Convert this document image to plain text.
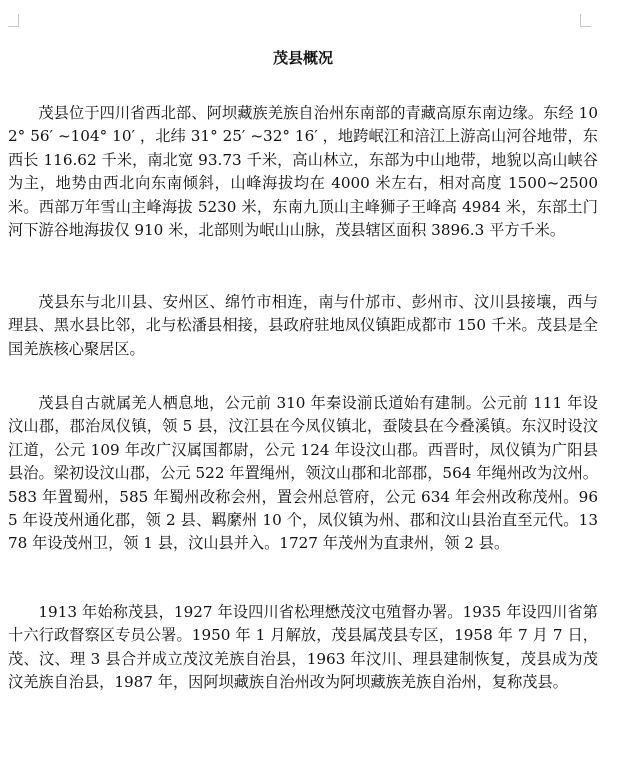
茂县概况

茂县位于四川省西北部、阿坝藏族羌族自治州东南部的青藏高原东南边缘。东经 102° 56′ ~104° 10′ ，北纬 31° 25′ ~32° 16′ ，地跨岷江和涪江上游高山河谷地带，东西长 116.62 千米，南北宽 93.73 千米，高山林立，东部为中山地带，地貌以高山峡谷为主，地势由西北向东南倾斜，山峰海拔均在 4000 米左右，相对高度 1500~2500 米。西部万年雪山主峰海拔 5230 米，东南九顶山主峰狮子王峰高 4984 米，东部土门河下游谷地海拔仅 910 米，北部则为岷山山脉，茂县辖区面积 3896.3 平方千米。

茂县东与北川县、安州区、绵竹市相连，南与什邡市、彭州市、汶川县接壤，西与理县、黑水县比邻，北与松潘县相接，县政府驻地凤仪镇距成都市 150 千米。茂县是全国羌族核心聚居区。

茂县自古就属羌人栖息地，公元前 310 年秦设湔氐道始有建制。公元前 111 年设汶山郡，郡治凤仪镇，领 5 县，汶江县在今凤仪镇北，蚕陵县在今叠溪镇。东汉时设汶江道，公元 109 年改广汉属国都尉，公元 124 年设汶山郡。西晋时，凤仪镇为广阳县县治。梁初设汶山郡，公元 522 年置绳州，领汶山郡和北部郡，564 年绳州改为汶州。583 年置蜀州，585 年蜀州改称会州，置会州总管府，公元 634 年会州改称茂州。965 年设茂州通化郡，领 2 县、羁縻州 10 个，凤仪镇为州、郡和汶山县治直至元代。1378 年设茂州卫，领 1 县，汶山县并入。1727 年茂州为直隶州，领 2 县。

1913 年始称茂县，1927 年设四川省松理懋茂汶屯殖督办署。1935 年设四川省第十六行政督察区专员公署。1950 年 1 月解放，茂县属茂县专区，1958 年 7 月 7 日，茂、汶、理 3 县合并成立茂汶羌族自治县，1963 年汶川、理县建制恢复，茂县成为茂汶羌族自治县，1987 年，因阿坝藏族自治州改为阿坝藏族羌族自治州，复称茂县。
